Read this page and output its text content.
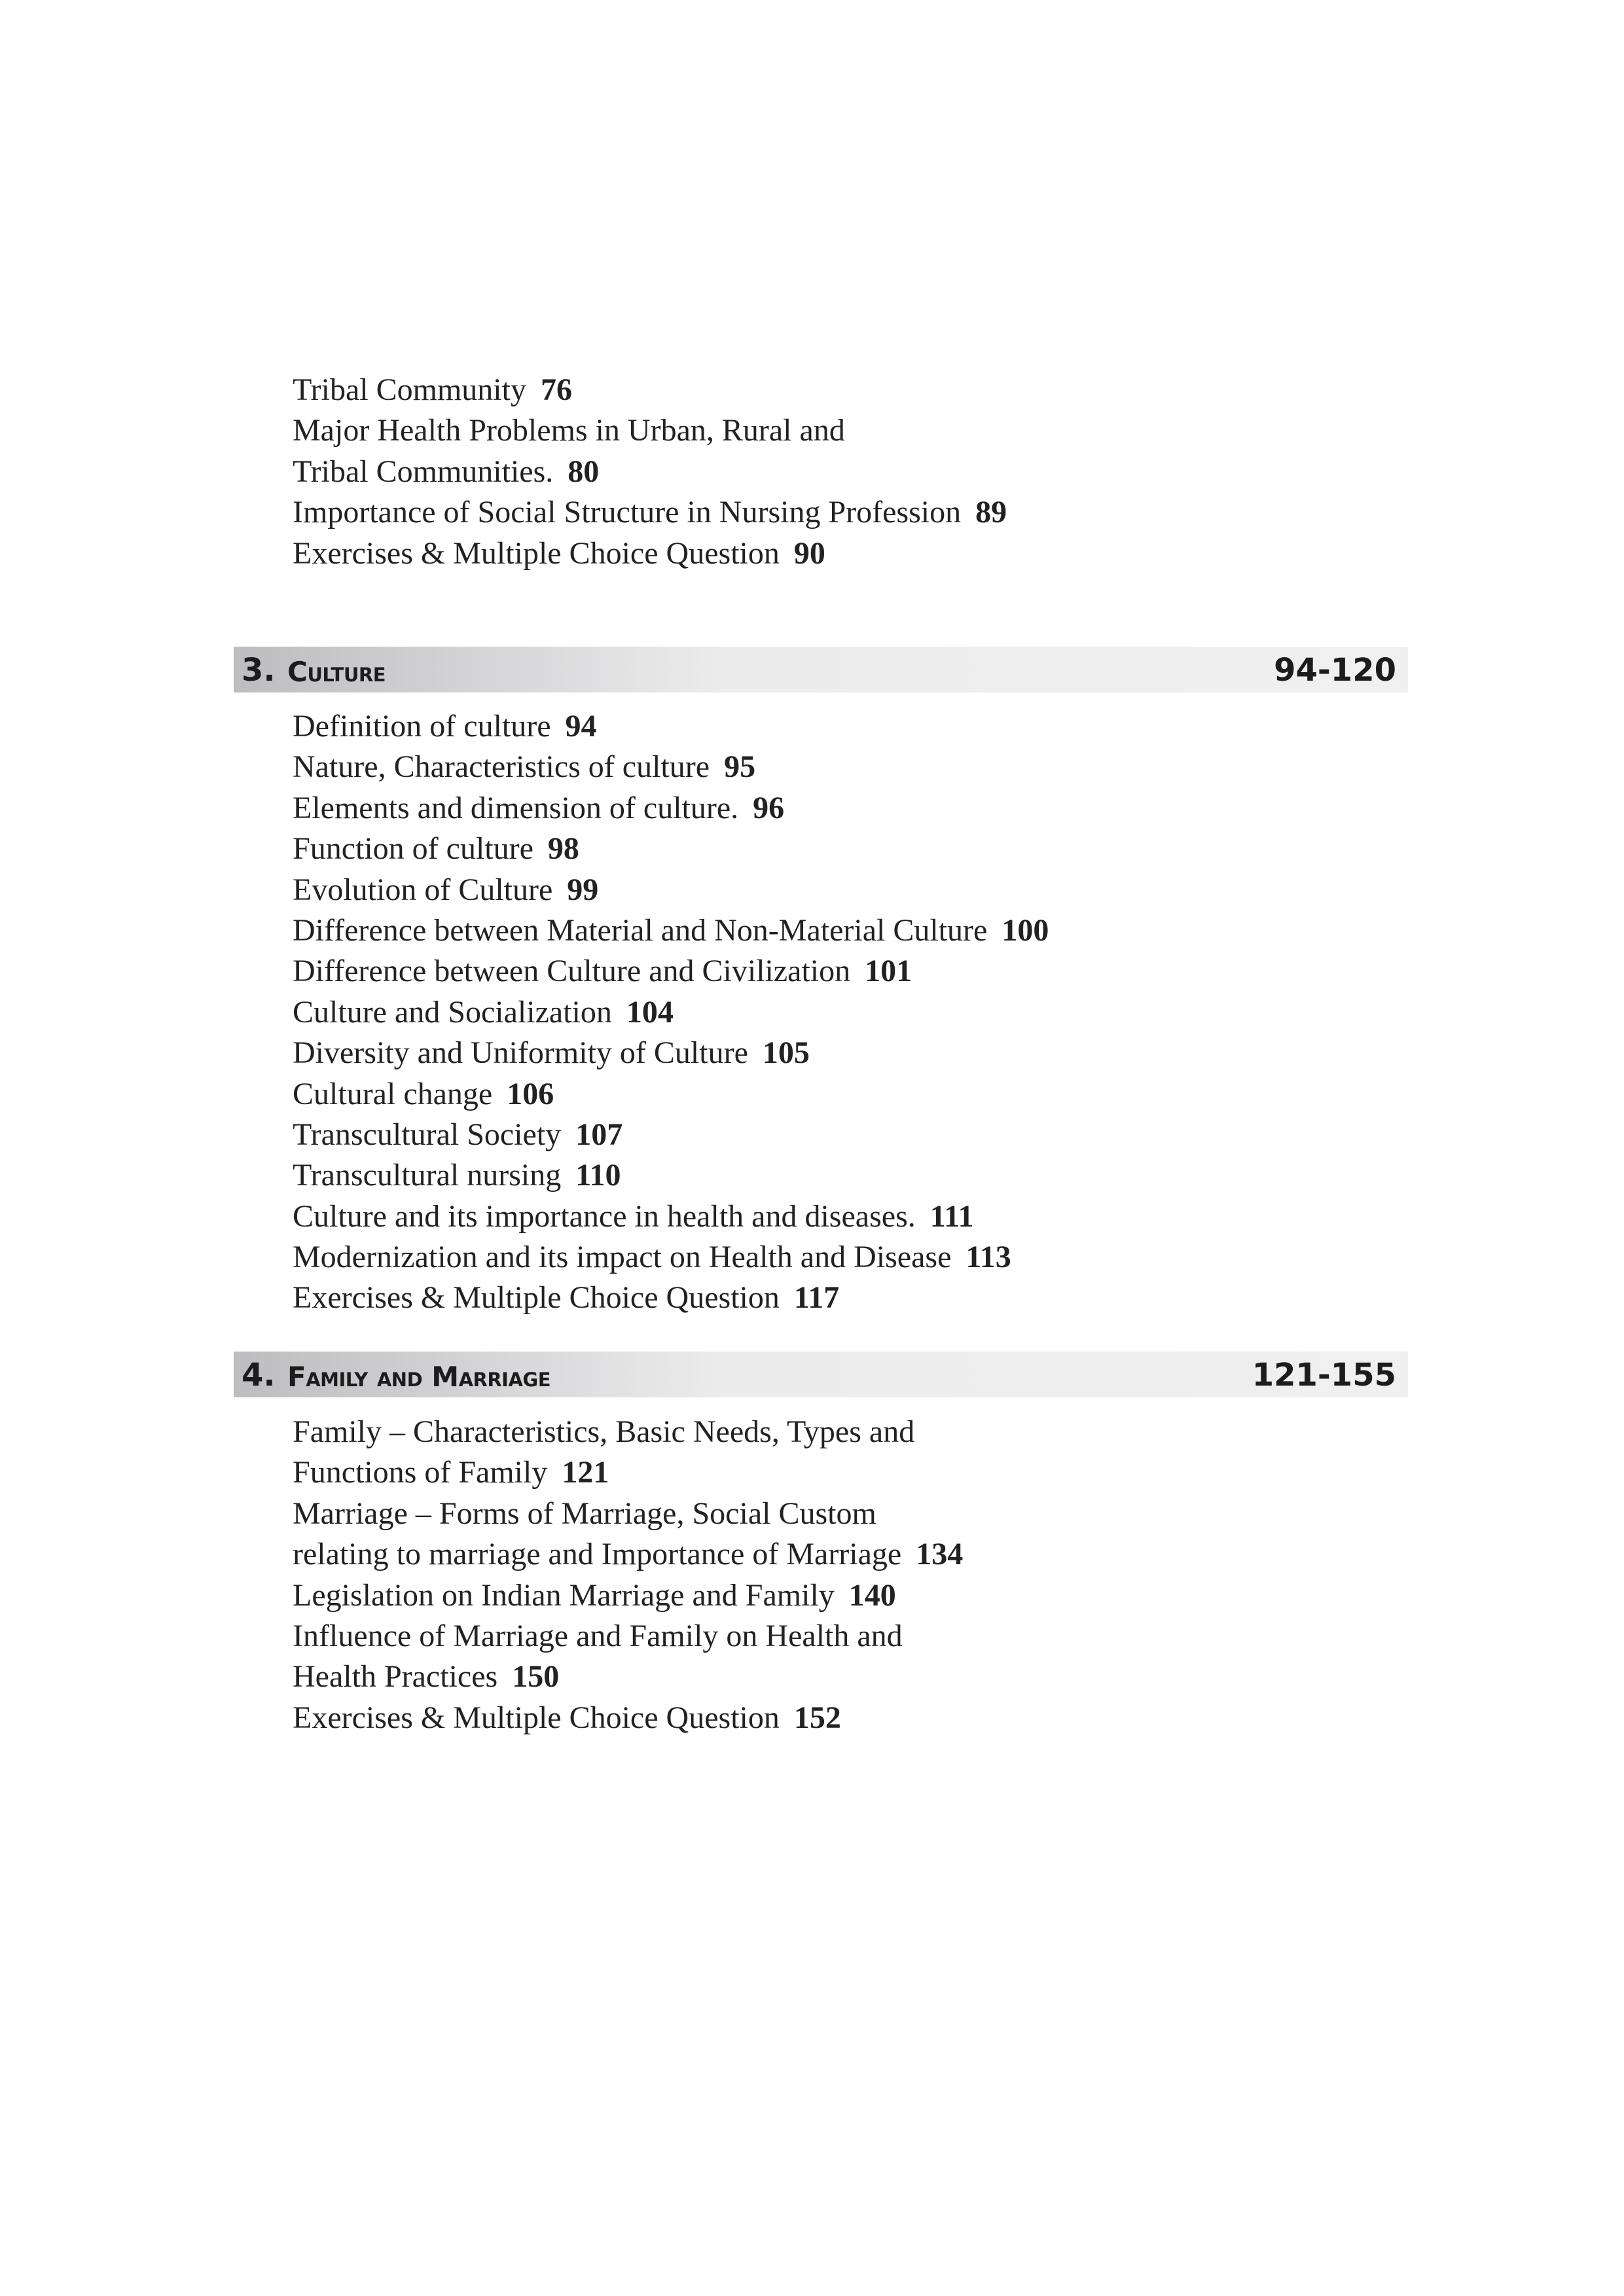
Tribal Community 76
Major Health Problems in Urban, Rural and
Tribal Communities. 80
Importance of Social Structure in Nursing Profession 89
Exercises & Multiple Choice Question 90
3. Culture	94-120
Definition of culture 94
Nature, Characteristics of culture 95
Elements and dimension of culture. 96
Function of culture 98
Evolution of Culture 99
Difference between Material and Non-Material Culture 100
Difference between Culture and Civilization 101
Culture and Socialization 104
Diversity and Uniformity of Culture 105
Cultural change 106
Transcultural Society 107
Transcultural nursing 110
Culture and its importance in health and diseases. 111
Modernization and its impact on Health and Disease 113
Exercises & Multiple Choice Question 117
4. Family and Marriage	121-155
Family – Characteristics, Basic Needs, Types and
Functions of Family 121
Marriage – Forms of Marriage, Social Custom
relating to marriage and Importance of Marriage 134
Legislation on Indian Marriage and Family 140
Influence of Marriage and Family on Health and
Health Practices 150
Exercises & Multiple Choice Question 152
